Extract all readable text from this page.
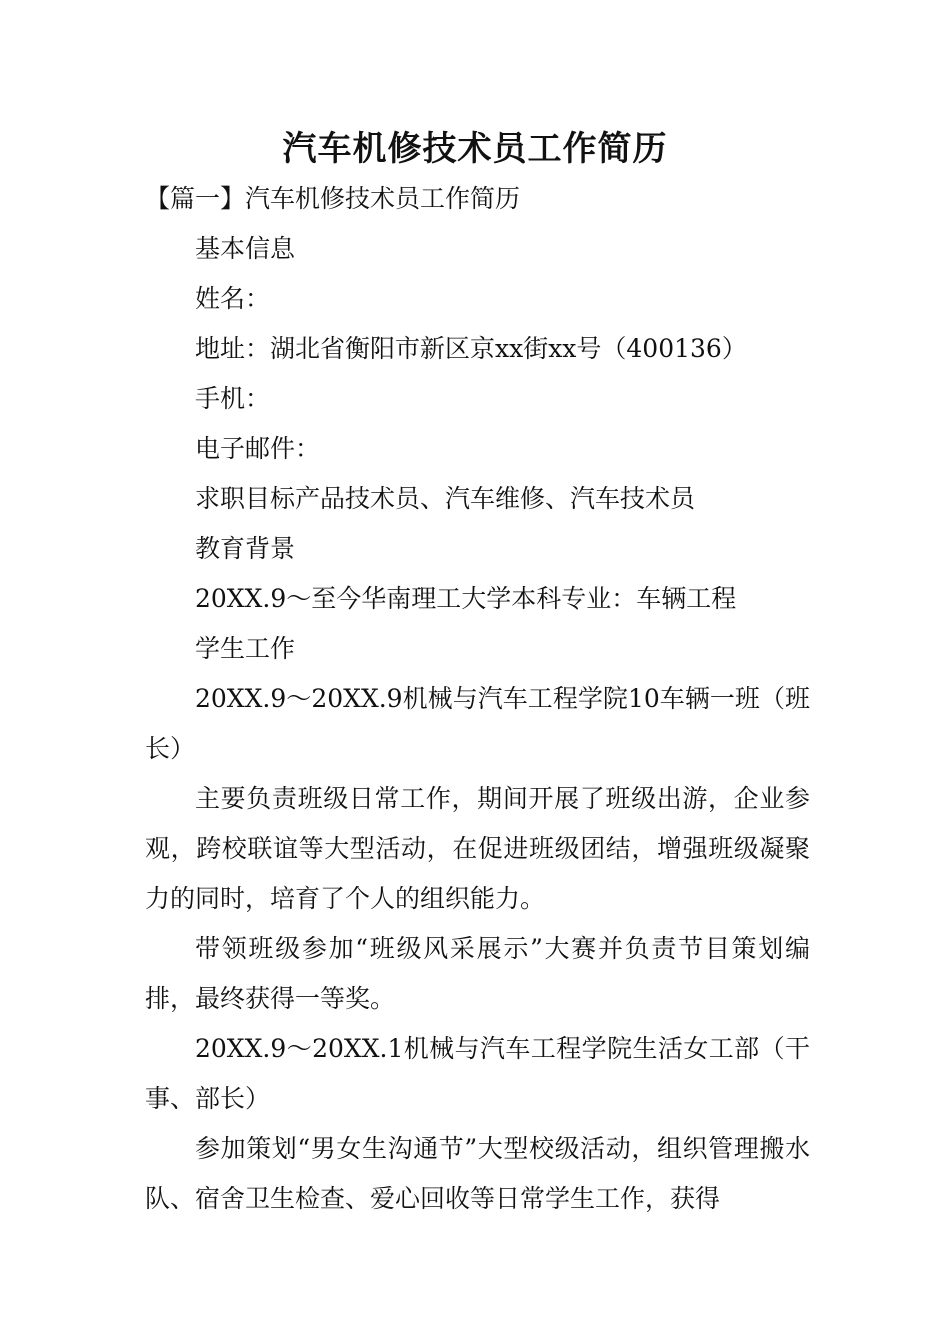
汽车机修技术员工作简历

【篇一】汽车机修技术员工作简历

基本信息

姓名：

地址：湖北省衡阳市新区京xx街xx号（400136）

手机：

电子邮件：

求职目标产品技术员、汽车维修、汽车技术员

教育背景

20XX.9～至今华南理工大学本科专业：车辆工程

学生工作

20XX.9～20XX.9机械与汽车工程学院10车辆一班（班长）

主要负责班级日常工作，期间开展了班级出游，企业参观，跨校联谊等大型活动，在促进班级团结，增强班级凝聚力的同时，培育了个人的组织能力。

带领班级参加“班级风采展示”大赛并负责节目策划编排，最终获得一等奖。

20XX.9～20XX.1机械与汽车工程学院生活女工部（干事、部长）

参加策划“男女生沟通节”大型校级活动，组织管理搬水队、宿舍卫生检查、爱心回收等日常学生工作，获得
